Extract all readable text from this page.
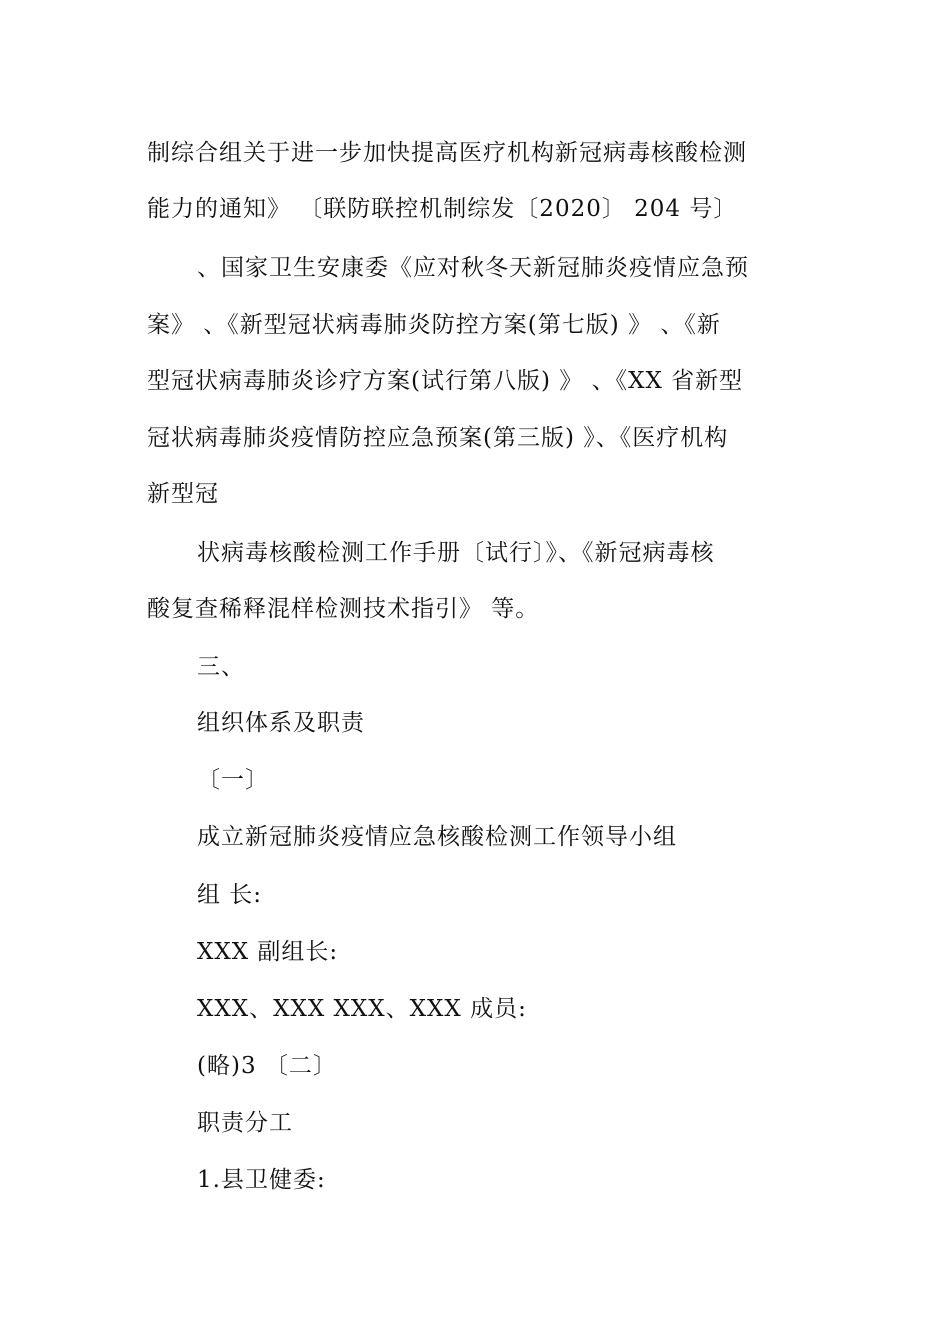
制综合组关于进一步加快提高医疗机构新冠病毒核酸检测
能力的通知》 〔联防联控机制综发〔2020〕 204 号〕
、国家卫生安康委《应对秋冬天新冠肺炎疫情应急预
案》 、《新型冠状病毒肺炎防控方案(第七版) 》 、《新
型冠状病毒肺炎诊疗方案(试行第八版) 》 、《XX 省新型
冠状病毒肺炎疫情防控应急预案(第三版) 》、《医疗机构
新型冠
状病毒核酸检测工作手册〔试行〕》、《新冠病毒核
酸复查稀释混样检测技术指引》 等。
三、
组织体系及职责
〔一〕
成立新冠肺炎疫情应急核酸检测工作领导小组
组 长:
XXX 副组长:
XXX、XXX XXX、XXX 成员:
(略)3 〔二〕
职责分工
1.县卫健委:
